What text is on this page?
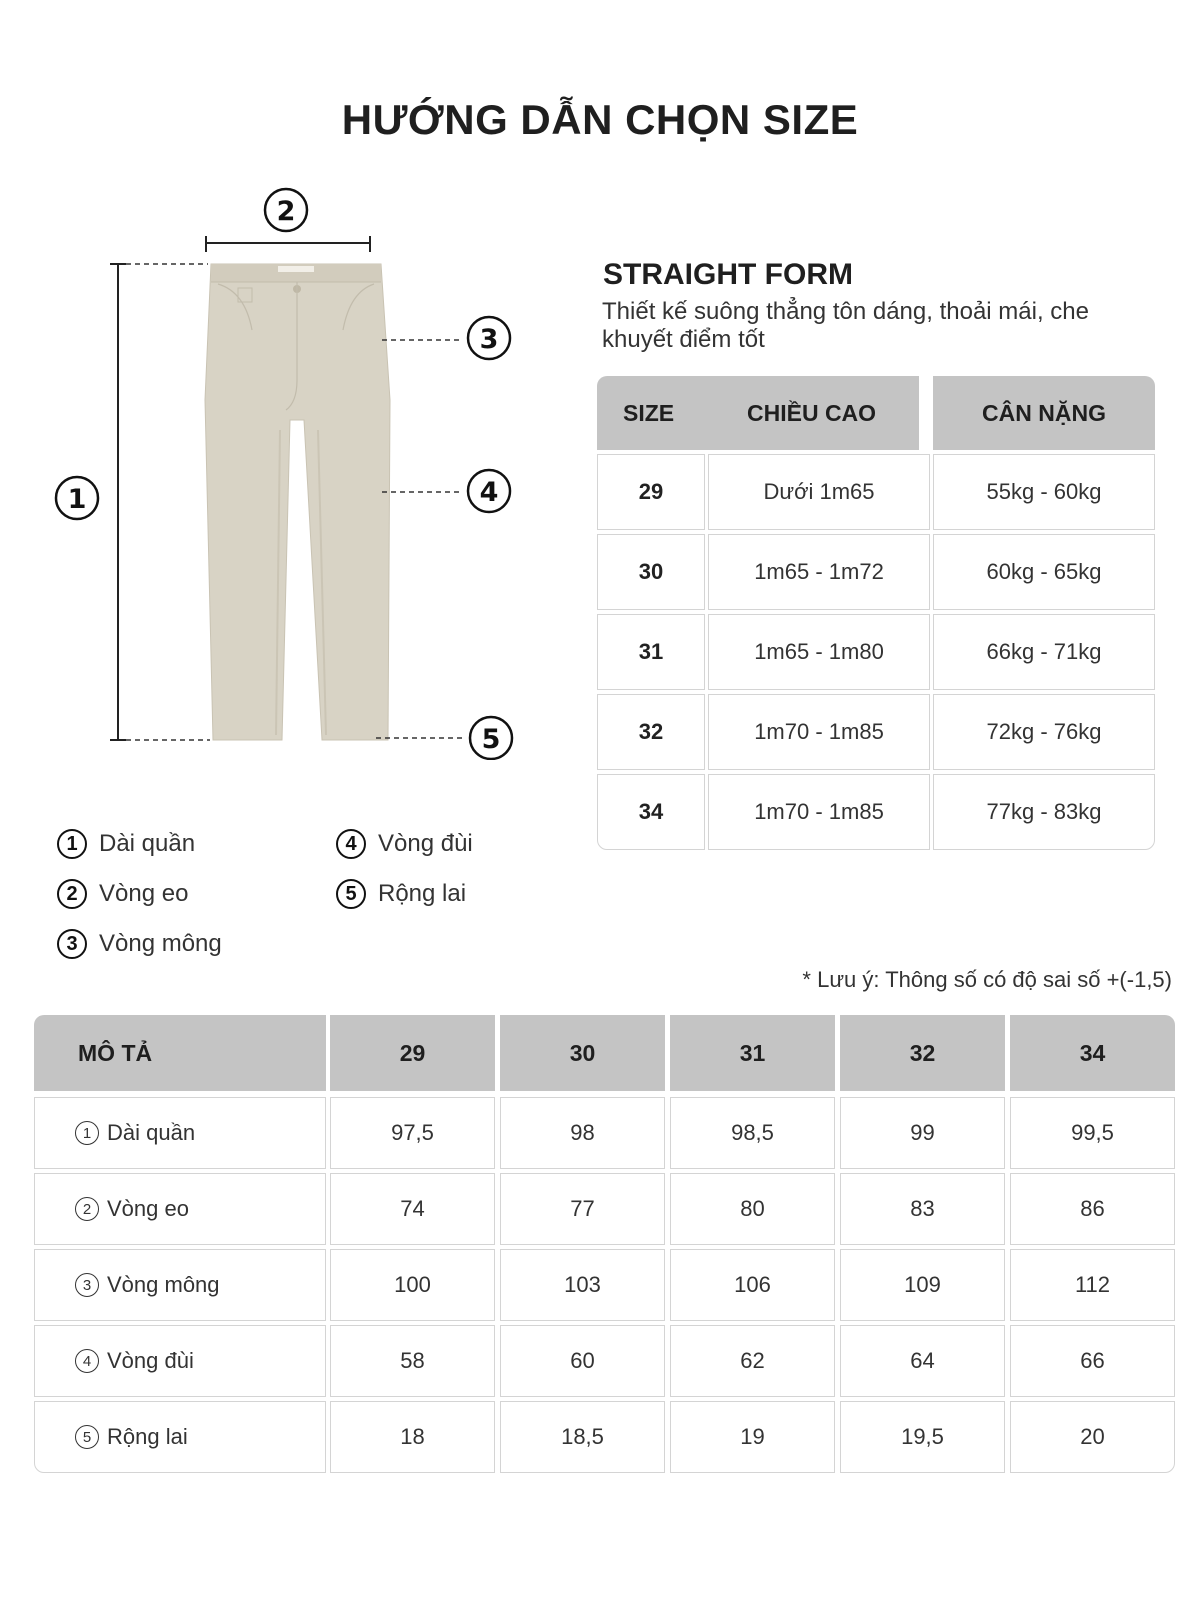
HƯỚNG DẪN CHỌN SIZE
2
1
3
4
5
STRAIGHT FORM
Thiết kế suông thẳng tôn dáng, thoải mái, che khuyết điểm tốt
1 Dài quần
2 Vòng eo
3 Vòng mông
4 Vòng đùi
5 Rộng lai
SIZE	CHIỀU CAO	CÂN NẶNG
29	Dưới 1m65	55kg - 60kg
30	1m65 - 1m72	60kg - 65kg
31	1m65 - 1m80	66kg - 71kg
32	1m70 - 1m85	72kg - 76kg
34	1m70 - 1m85	77kg - 83kg
* Lưu ý: Thông số có độ sai số +(-1,5)
MÔ TẢ	29	30	31	32	34
1 Dài quần	97,5	98	98,5	99	99,5
2 Vòng eo	74	77	80	83	86
3 Vòng mông	100	103	106	109	112
4 Vòng đùi	58	60	62	64	66
5 Rộng lai	18	18,5	19	19,5	20
